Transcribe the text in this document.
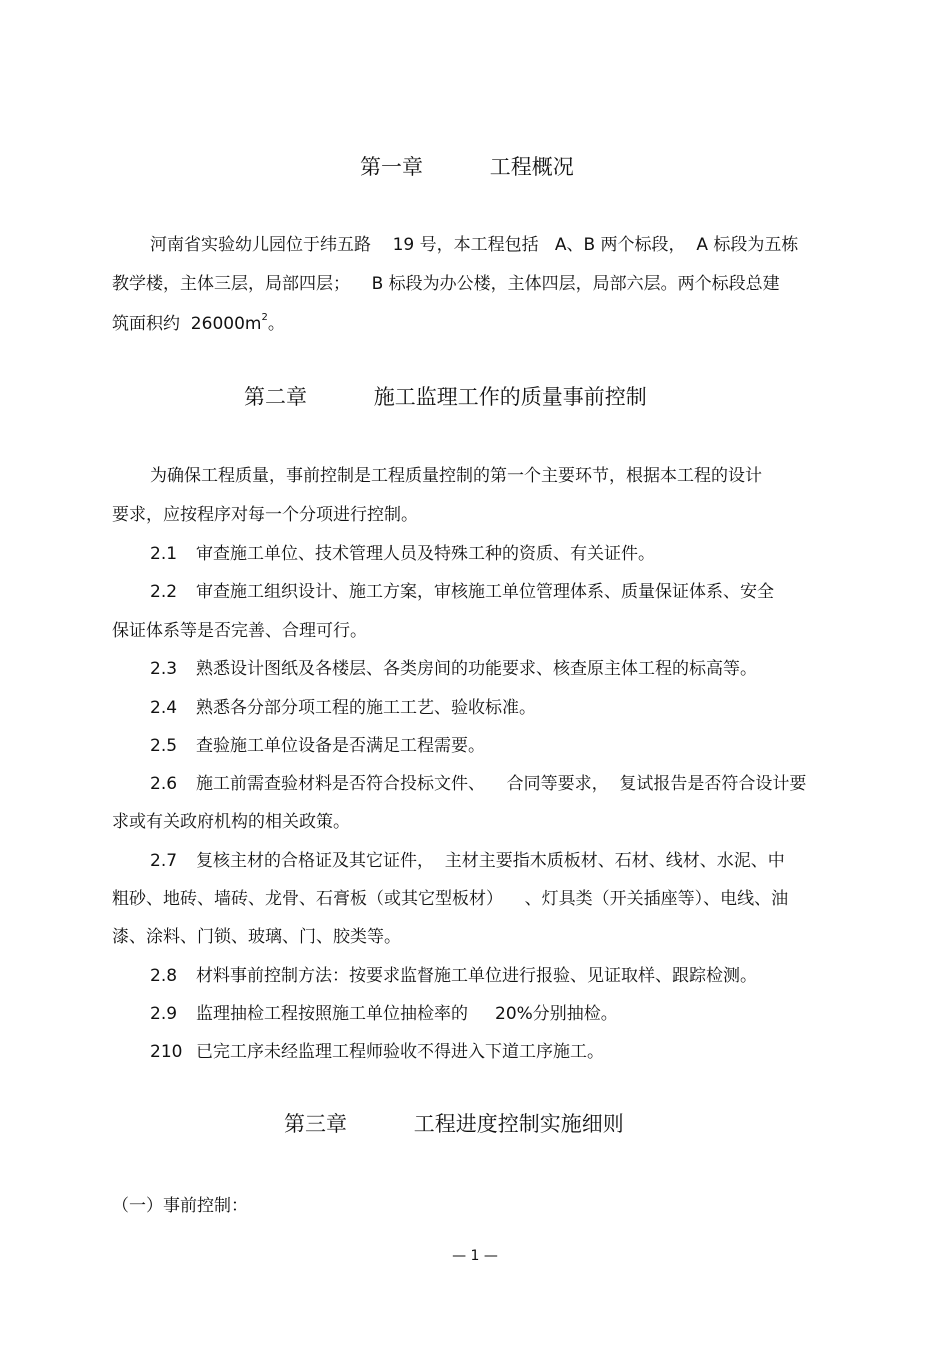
第一章          工程概况
河南省实验幼儿园位于纬五路    19 号，本工程包括   A、B 两个标段，  A 标段为五栋
教学楼，主体三层，局部四层；    B 标段为办公楼，主体四层，局部六层。两个标段总建
筑面积约  $26000m^2$。
第二章          施工监理工作的质量事前控制
为确保工程质量，事前控制是工程质量控制的第一个主要环节，根据本工程的设计
要求，应按程序对每一个分项进行控制。
2.1 审查施工单位、技术管理人员及特殊工种的资质、有关证件。
2.2 审查施工组织设计、施工方案，审核施工单位管理体系、质量保证体系、安全
保证体系等是否完善、合理可行。
2.3 熟悉设计图纸及各楼层、各类房间的功能要求、核查原主体工程的标高等。
2.4 熟悉各分部分项工程的施工工艺、验收标准。
2.5 查验施工单位设备是否满足工程需要。
2.6 施工前需查验材料是否符合投标文件、    合同等要求，  复试报告是否符合设计要
求或有关政府机构的相关政策。
2.7 复核主材的合格证及其它证件，  主材主要指木质板材、石材、线材、水泥、中
粗砂、地砖、墙砖、龙骨、石膏板（或其它型板材）    、灯具类（开关插座等）、电线、油
漆、涂料、门锁、玻璃、门、胶类等。
2.8 材料事前控制方法：按要求监督施工单位进行报验、见证取样、跟踪检测。
2.9 监理抽检工程按照施工单位抽检率的     20%分别抽检。
210 已完工序未经监理工程师验收不得进入下道工序施工。
第三章          工程进度控制实施细则
（一）事前控制：
— 1 —
